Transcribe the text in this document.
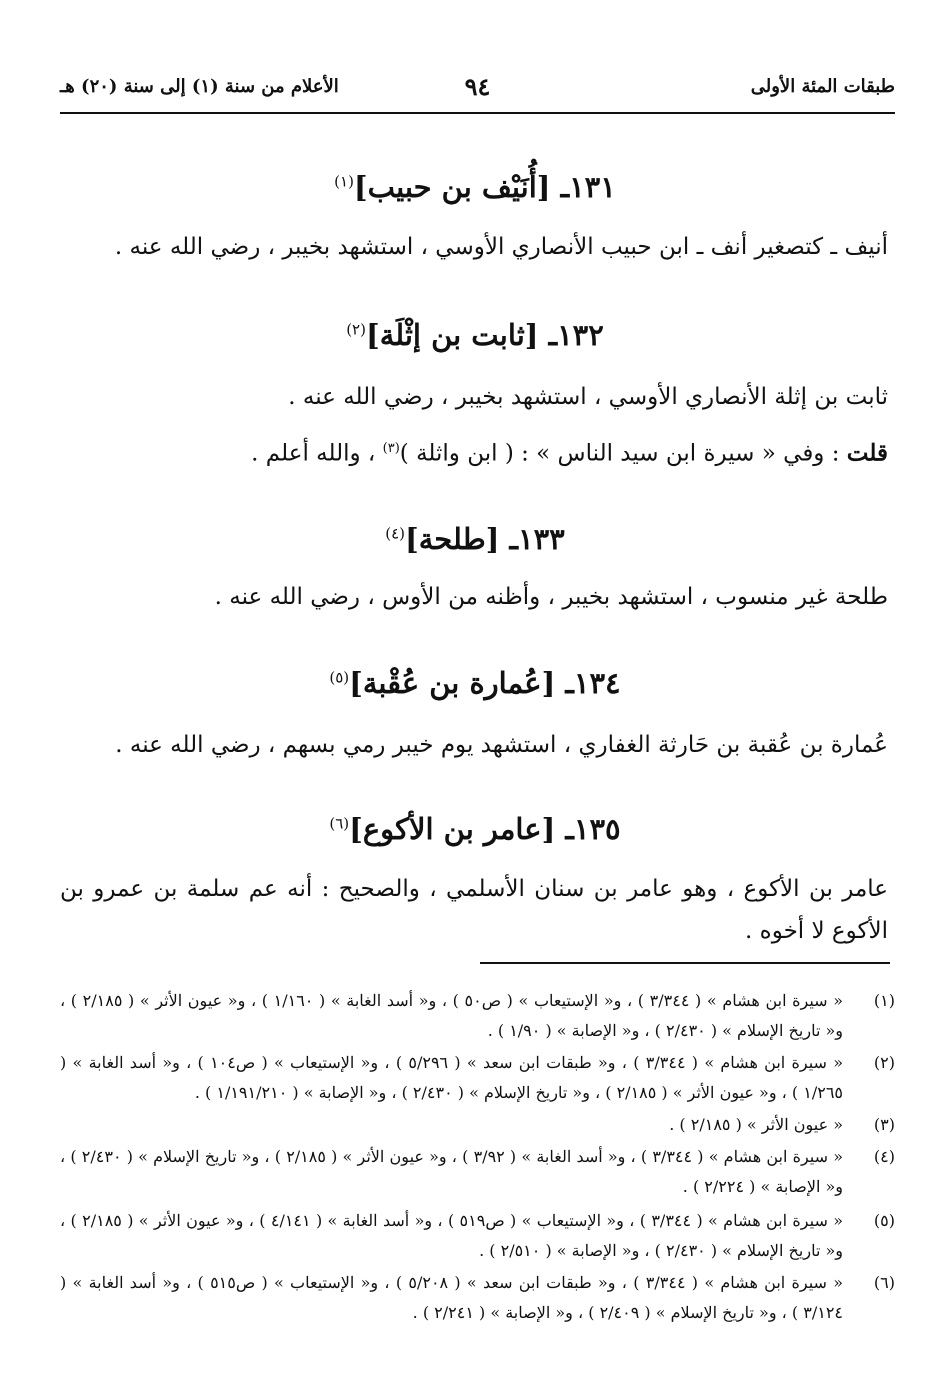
طبقات المئة الأولى
٩٤
الأعلام من سنة (١) إلى سنة (٢٠) هـ
١٣١ـ [أُنَيْف بن حبيب]$^{(١)}$
أنيف ـ كتصغير أنف ـ ابن حبيب الأنصاري الأوسي ، استشهد بخيبر ، رضي الله عنه .
١٣٢ـ [ثابت بن إثْلَة]$^{(٢)}$
ثابت بن إثلة الأنصاري الأوسي ، استشهد بخيبر ، رضي الله عنه .
قلت : وفي « سيرة ابن سيد الناس » : ( ابن واثلة )$^{(٣)}$ ، والله أعلم .
١٣٣ـ [طلحة]$^{(٤)}$
طلحة غير منسوب ، استشهد بخيبر ، وأظنه من الأوس ، رضي الله عنه .
١٣٤ـ [عُمارة بن عُقْبة]$^{(٥)}$
عُمارة بن عُقبة بن حَارثة الغفاري ، استشهد يوم خيبر رمي بسهم ، رضي الله عنه .
١٣٥ـ [عامر بن الأكوع]$^{(٦)}$
عامر بن الأكوع ، وهو عامر بن سنان الأسلمي ، والصحيح : أنه عم سلمة بن عمرو بن
الأكوع لا أخوه .
(١)
« سيرة ابن هشام » ( ٣/٣٤٤ ) ، و« الإستيعاب » ( ص٥٠ ) ، و« أسد الغابة » ( ١/١٦٠ ) ، و« عيون الأثر » ( ٢/١٨٥ ) ، و« تاريخ الإسلام » ( ٢/٤٣٠ ) ، و« الإصابة » ( ١/٩٠ ) .
(٢)
« سيرة ابن هشام » ( ٣/٣٤٤ ) ، و« طبقات ابن سعد » ( ٥/٢٩٦ ) ، و« الإستيعاب » ( ص١٠٤ ) ، و« أسد الغابة » ( ١/٢٦٥ ) ، و« عيون الأثر » ( ٢/١٨٥ ) ، و« تاريخ الإسلام » ( ٢/٤٣٠ ) ، و« الإصابة » ( ١/١٩١/٢١٠ ) .
(٣)
« عيون الأثر » ( ٢/١٨٥ ) .
(٤)
« سيرة ابن هشام » ( ٣/٣٤٤ ) ، و« أسد الغابة » ( ٣/٩٢ ) ، و« عيون الأثر » ( ٢/١٨٥ ) ، و« تاريخ الإسلام » ( ٢/٤٣٠ ) ، و« الإصابة » ( ٢/٢٢٤ ) .
(٥)
« سيرة ابن هشام » ( ٣/٣٤٤ ) ، و« الإستيعاب » ( ص٥١٩ ) ، و« أسد الغابة » ( ٤/١٤١ ) ، و« عيون الأثر » ( ٢/١٨٥ ) ، و« تاريخ الإسلام » ( ٢/٤٣٠ ) ، و« الإصابة » ( ٢/٥١٠ ) .
(٦)
« سيرة ابن هشام » ( ٣/٣٤٤ ) ، و« طبقات ابن سعد » ( ٥/٢٠٨ ) ، و« الإستيعاب » ( ص٥١٥ ) ، و« أسد الغابة » ( ٣/١٢٤ ) ، و« تاريخ الإسلام » ( ٢/٤٠٩ ) ، و« الإصابة » ( ٢/٢٤١ ) .
